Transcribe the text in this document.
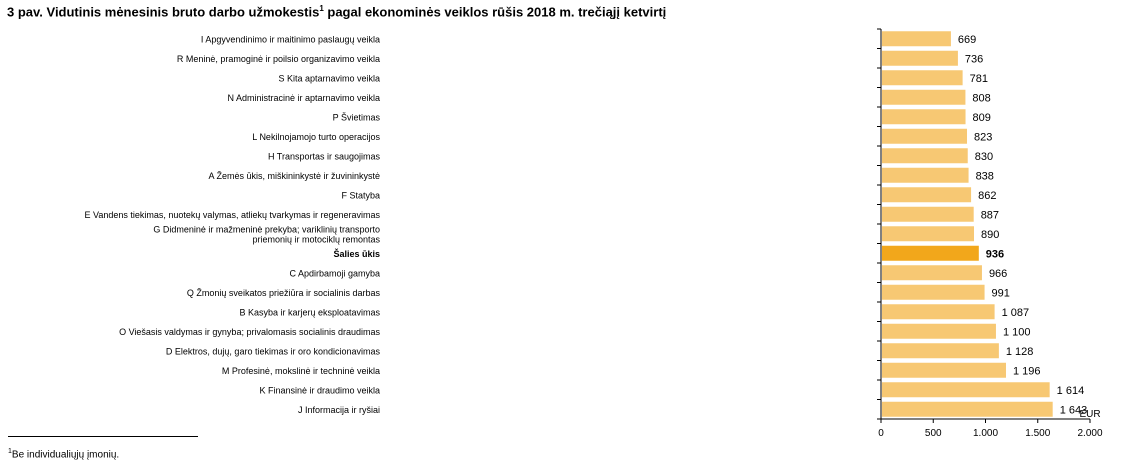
3 pav. Vidutinis mėnesinis bruto darbo užmokestis$^1$ pagal ekonominės veiklos rūšis 2018 m. trečiąjį ketvirtį
669
I Apgyvendinimo ir maitinimo paslaugų veikla
736
R Meninė, pramoginė ir poilsio organizavimo veikla
781
S Kita aptarnavimo veikla
808
N Administracinė ir aptarnavimo veikla
809
P Švietimas
823
L Nekilnojamojo turto operacijos
830
H Transportas ir saugojimas
838
A Žemės ūkis, miškininkystė ir žuvininkystė
862
F Statyba
887
E Vandens tiekimas, nuotekų valymas, atliekų tvarkymas ir regeneravimas
890
G Didmeninė ir mažmeninė prekyba; variklinių transporto
priemonių ir motociklų remontas
936
Šalies ūkis
966
C Apdirbamoji gamyba
991
Q Žmonių sveikatos priežiūra ir socialinis darbas
1 087
B Kasyba ir karjerų eksploatavimas
1 100
O Viešasis valdymas ir gynyba; privalomasis socialinis draudimas
1 128
D Elektros, dujų, garo tiekimas ir oro kondicionavimas
1 196
M Profesinė, mokslinė ir techninė veikla
1 614
K Finansinė ir draudimo veikla
1 643
J Informacija ir ryšiai
0	500	1.000	1.500	2.000
EUR
$^1$Be individualiųjų įmonių.
